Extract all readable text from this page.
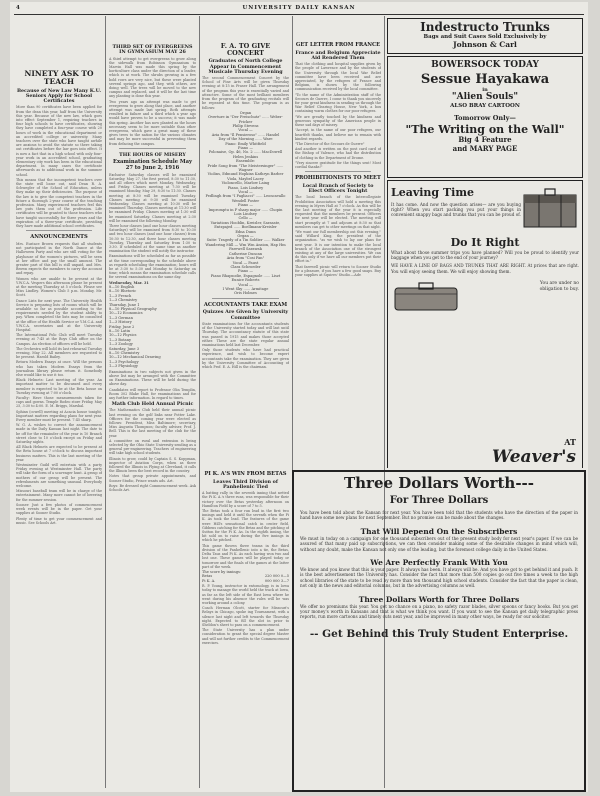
4	UNIVERSITY DAILY KANSAN
NINETY ASK TO TEACH
Because of New Law Many K.U. Seniors Apply for School Certificates
More than 90 certificates have been applied for from the dean this year, half from the University this year. Because of the new law, which goes into effect September 1, requiring teachers in four high schools to have certificates, showing they have completed a four-year course with 20 hours of work in the educational department or an accredited college or university. Many teachers over the state who have taught awhile are anxious to avoid the statute so there taking out certificates before the law goes into effect. It is now a fact that in a high school with only four-year work in an accredited school, graduating elementary city work has been in the educational department. In many cases the certificate afterwards as to additional work in the summer school.
This means that the incompetent teachers over the state will loose out, said Dean R. A. Schwegler of the School of Education, unless they make up their deficiencies. The purpose of the law is to give the competent teachers in the future a thorough 2-year course of the teaching profession. Many experienced teachers feel this law puts them out of the profession. Life certificates will be granted to those teachers who have taught successfully for three years and the expiration of a three-year certificate, providing they have made additional school certificates.
ANNOUNCEMENTS
Mrs. Eustace Brown requests that all students not participated in the North Dance at the Halloween Party and who are still voting for the playhouse of the women's pictures, will be seen at her office and pay the small amount. The greater part of this bill is still unpaid, and Mrs. Brown expects the members to carry the account and repay.
Women who are unable to be present at the Y.W.C.A. Vespers this afternoon please be present at the meeting Thursday at 5 o'clock. Please see Miss Lindley. Women's Club 5 p.m. Monday, Mr. Scott.
Dance Lists for next year. The University Health Service is preparing lists of rooms which will be available so far as possible according to the requirements needed by the student ability to pay. When completed the lists may be consulted at the office of the Health Service or Y.M.C.A. and Y.W.C.A. secretaries and at the University Hospital.
The International Polo Club will meet Tuesday evening at 7:45 at the Boys Club office on the Campus. An election of officers will be held.
The Orchestra will hold its last rehearsal Tuesday evening, May 22. All members are requested to be present. Harold Bailey.
Return Modern Essays at once. Will the persons who has taken Modern Essays from the journalism library please return it. Somebody else would like to use it too.
Black Helmets: Last meeting of the year. An important matter to be discussed and every member is expected to be at the Beta house on Tuesday evening at 7:00 o'clock.
Faculty: Have those measurements taken for caps and gowns. Temple Rodeo store Friday, May 25, 3:30 to 4:00. E. M. Briggs, Marshal.
Sphinx (cowell) meeting at Acacia house tonight. Important matters regarding plans for next year. Every member must be present. 7:45 sharp.
W. G. A. wishes to correct the announcement made in the Daily Kansan last night. The date to be off for the remainder of the year is 10 Branch street close to 10 o'clock except on Friday and Saturday nights.
All Black Helmets are expected to be present at the Beta house at 7 o'clock to discuss important business matters. This is the last meeting of the year.
Westminster Guild will entertain with a party Friday evening at Westminster Hall. The party will take the form of a scavenger hunt. A group of mothers of our group will be present. The refreshments are something unusual. Everybody welcome.
Missouri baseball team will be in charge of the entertainment. Many more cannot be of lowering for the summer session.
Sooner: Just a few photos of commencement week events will be in the paper. Get your supplies at Sooner Studio.
Plenty of time to get your commencement and music. See Schools Art.
THIRD SET OF EVERGREENS IN GYMNASIUM MAY 26
A third attempt to get evergreens to grow along the sidewalk from Robinson Gymnasium to Marvin Hall was made this spring by the horticulture class under the direction of a leader, which is at work. The shrubs growing in a few bold rows are very nice, but these were planted several springs ago, and they, with others, are doing well. The trees will be moved to the new campus and replaced, and it will be the last time any planting is done this year.
Two years ago an attempt was made to get evergreens to grow along that place, and another attempt was made last spring. Both attempts resulted in failure and a third which a year ago would have proven to be a success; it was made this spring. Another has now planted as the hours necessary seem to be more suitable than other evergreens, which gave a great many of these gives trees to the nation for the various climates and may be more successful in preventing them from defacing the campus.
THE HOURS OF MISERY
Examination Schedule May 27 to June 2, 1916
Exclusive Saturday classes will be examined Saturday, May 27, the first period, 8:30 to 11:30, and all others which meet Monday, Wednesday, and Friday. Classes meeting at 7:30 will be examined Monday, May 29, 8:30 to 11:30. Classes meeting at 8:30 will be examined Tuesday. Classes meeting at 9:30 will be examined Wednesday. Classes meeting at 10:30 will be examined Thursday. Classes meeting at 11:30 will be examined Friday. Classes meeting at 1:30 will be examined Saturday. Classes meeting at 2:30 will be examined the following Monday.
Three hour classes (and one hour classes meeting Saturdays) will be examined from 8:30 to 10:30 and two hour classes (and one hour classes) from 10:30 to 12:30, and three hour classes meeting Tuesday, Thursday and Saturday from 1:30 to 3:30. If scheduled at the same time as another examination the student will notify the instructor.
Examinations will be scheduled as far as possible at the time corresponding to the schedule above as regards scheduling the examination; hours will be at 3:30 to 5:30 and Monday to Saturday on time; which means the examination schedule calls for several examinations on the same day.
Wednesday, Mar. 31
8—10 English
8—10 Rhetoric
1—3 French
1—3 Chemistry
Thursday, June 1
8—10 Physical Geography
10—12 Economics
1—3 German
1—3 History
Friday, June 2
8—10 Latin
10—12 Physics
1—3 Botany
1—3 Zoology
Saturday, June 3
8—10 Chemistry
10—12 Mechanical Drawing
1—3 Psychology
1—3 Physiology
Examinations in two subjects not given in the above list may be arranged with the Committee on Examinations. These will be held during the above day.
Candidates will report to Professor Olin Templin, Room 302 Blake Hall, for examinations and for any further information. In regard to times.
Math Club Held Annual Picnic
The Mathematics Club held their annual picnic last evening on the golf links near Potter Lake. Officers for the coming year were elected as follows: President, Miss Baltimore; secretary, Miss Augusta Thompson; faculty adviser, Prof. J. Bell. This is the last meeting of the club for the year.
A committee on rural and extension is being selected by the Ohio State University sending as a general pre-engineering. Teachers of engineering will take high school students.
Illinois to grow, could by Captain S. S. Koppman, inspector of Aviation Corps, when as there followed the Illinois in Flying at Cleveland, it calls the Illinois been the best record in the country.
Notes that group private appointments, and Sooner Studio, Prince wants ads. Art.
Boys: Be dressed right Commencement week. Ask Schools Art.
F. A. TO GIVE CONCERT
Graduates of North College Appear in Commencement Musicale Thursday Evening
The second Commencement Concert by the School of Fine Arts will be given Thursday evening at 8:15 in Fraser Hall. The arrangement of the program this year is essentially varied and attractive. Some of the most brilliant members from the program of the graduating recitals will be repeated at this time. The program is as follows:
Organ
Overture in "Der Freischutz" ...... Weber-Fricker
Philip Stevens
Vocal —
Aria from "Il Pensieroso" ...... Handel
Day of the Morning ...... Ware
Piano: Emily Whitfield
Piano —
Polonaise, Op. 46, No. 2 ...... MacDowell
Helen Jenkins
Ensemble:
Pride Song from "The Meistersinger" ...... Wagner
Violins, Edmund Hopkins Kathryn Barber
Viola, Maybel Lacey
Violoncello, Marlow Laing
Piano, Lois Lindsey
Vocal —
Pedlingh from "I Pagliacci" ...... Leoncavallo
Wendell Foster
Piano —
Impromptu in F sharp major ...... Chopin
Lois Lindsey
Cello —
Variations Hooblin, Kreisler, Sarasate, Entzpajed ...... Boellmann-Kreisler
Edna Dunn
Organ —
Suite: Tragedy of a Tin Soldier ...... Walker
Wandering Mill — Wm Wm Ansion, Hap Hm Farewell Sarawak
Catherine Duncan
Aria from "Cosi Fan"
Vocal — Faust
Clara Schroeder
Piano —
Piano Rhapsodie, Espagnole ...... Liszt
Eunice Roberts
Vocal —
I Went Sky ...... Armitage
Oris Holmes
ACCOUNTANTS TAKE EXAM
Quizzes Are Given by University Committee
State examinations for the accountants students of the University started today and will last until Thursday. The accountancy statute of this state was passed in 1915 and makes those accepted either. These are the state regular annual examinations held last December.
Only those students who have had practical experience, and wish to become expert accountants take the examination. They are given by the University Committee of Accounting of which Prof. E. A. Hill is the chairman.
PI K. A'S WIN FROM BETAS
Leaves Third Division of Panhellenic Tied
A batting rally in the seventh inning that netted the Pi K. A.'s three runs, was responsible for their victory over the Betas yesterday afternoon on Hamilton Field by a score of 7 to 5.
The Betas took a four run lead in the first two innings and held it until the seventh when the Pi K. As took the lead. The features of the game were Hill's sensational catch in center field, Gibbens catching for the Betas and the pitching of Sutton for the Pi K. As. In the eighth inning, the hit sold on to raise during the five innings in which he pitched.
This game throws three teams in the third division of the Panhellenic into a tie, the Betas, Delta Taus and Pi K. As each having won two and lost one. These games will be played today or tomorrow and the finals of the games at the latter part of the week.
The score by innings:
Betas	220 000 0—5
Pi K. A.	000 000 3—7
R. P. Young, instructor in entomology, is in Iowa today to manage the world held the track at Iowa, as far as the left side of the East Iowa where he went during his absence the rules will be was working around a colony.
Coach Herman Olcott, starter for Missouri's Relays in Chicago, spoke ing Tournament, with a silence last night and left towards the Thursday night. Expected to fill the slot in prior to Sheldon's sheet to pass on a commencement.
The State University has a plan under consideration to grant the special degree Master and will not further credits to the Commencement exercises.
GET LETTER FROM FRANCE
France and Belgium Appreciate Aid Rendered Them
That the clothing and hospital supplies given by the people of Lawrence and by the students of the University through the local War Relief committee have been received and are appreciated, by the refugees of France and Belgium, is shown by the following communication received by the local committee.
"To the name of the Administration staff of the Secours de Guerre, I come to thank you sincerely for your great kindness in sending us through the War Relief Clearing House, New York, a box containing warm clothes for our poor refugees.
"We are greatly touched by the kindness and generous sympathy of the American people in these sad days of misery.
"Accept, in the name of our poor refugees, our heartfelt thanks, and believe me to remain with kindest regards.
"The Director of the Secours de Guerre"
And another is written on the post card card of the Bishop of Valence, who had the distribution of clothing in the Department of Drome.
"Very sincere gratitude for the things sent! Most cordial thanks!"
PROHIBITIONISTS TO MEET
Local Branch of Society to Elect Officers Tonight
The local branch of the Intercollegiate Prohibition Association will hold a meeting this evening in Myers Hall at 7 o'clock. As this will be the last meeting of the year it is especially requested that the members be present. Officers for next year will be elected. The meeting will start promptly at 7 and adjourn at 8:30 so that members can get to other meetings on that night.
"We want our full membership out this evening," said Willard King, the president of the organization. "as we wish to lay our plans for next year. It is our intention to make the local branch of the Association one of the strongest existing at any of the large universities. We can do this only if we have all our members put their effort in."
That farewell picnic will return to Sooner Studio for a pleasure, if you have a few good snaps. Buy your supplies at Squires' Studio.—Adv.
Indestructo Trunks
Bags and Suit Cases Sold Exclusively by
Johnson & Carl
BOWERSOCK TODAY
Sessue Hayakawa
in
"Alien Souls"
ALSO BRAY CARTOON
Tomorrow Only—
"The Writing on the Wall"
Big 4 Feature
and MARY PAGE
Leaving Time
It has come. And now the question arises— are you buying right? When you start packing you put your things in convenient snappy bags and trunks that you can be proud of.
Do It Right
What about those summer trips you have planned? Will you be proud to identify your baggage when you get to the end of your journey?
WE HAVE A LINE OF BAGS AND TRUNKS THAT ARE RIGHT. At prices that are right. You will enjoy seeing them. We will enjoy showing them.
You are under no obligation to buy.
AT
Weaver's
Three Dollars Worth---
For Three Dollars
You have been told about the Kansan for next year. You have been told that the students who have the direction of the paper in hand have some new plans for next September. But no promise can be made about the changes.
That Will Depend On the Subscribers
We must in today on a campaign for one thousand subscribers out of the present study body for next year's paper. If we can be assured of that many paid up subscriptions, we can then consider making some of the desirable changes in mind which will, without any doubt, make the Kansan not only one of the leading, but the foremost college daily in the United States.
We Are Perfectly Frank With You
We know and you know that this is your paper. It always has been. It always will be. And you have got to get behind it and push. It is the best advertisement the University has. Consider the fact that more than 500 copies go out five times a week to the high school libraries of the state to be read by more than ten thousand high school students. Consider the fact that the paper is clean, not only in the news and editorial columns, but in the advertising columns as well.
Three Dollars Worth for Three Dollars
We offer no premiums this year. You get no chance on a piano, no safety razor blades, silver spoons or fancy books. But you get your money's worth in Kansans and that is what we think you want. If you want to see the Kansan get daily telegraphic press reports, run more cartoons and timely cuts next year, and be improved in many other ways, be ready for our solicitor.
-- Get Behind this Truly Student Enterprise.
